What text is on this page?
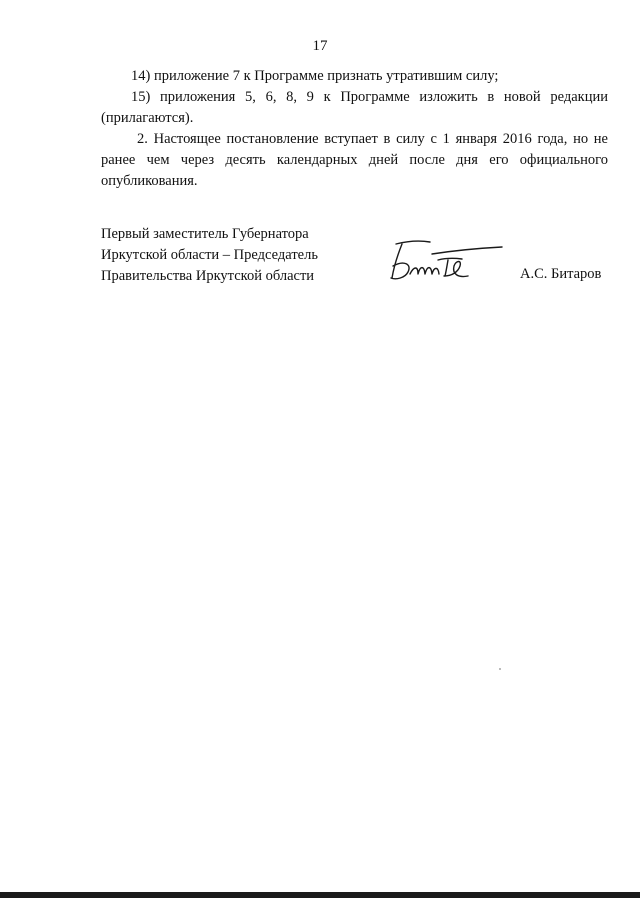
17

14) приложение 7 к Программе признать утратившим силу;

15) приложения 5, 6, 8, 9 к Программе изложить в новой редакции (прилагаются).

2. Настоящее постановление вступает в силу с 1 января 2016 года, но не ранее чем через десять календарных дней после дня его официального опубликования.

Первый заместитель Губернатора
Иркутской области – Председатель
Правительства Иркутской области	А.С. Битаров
